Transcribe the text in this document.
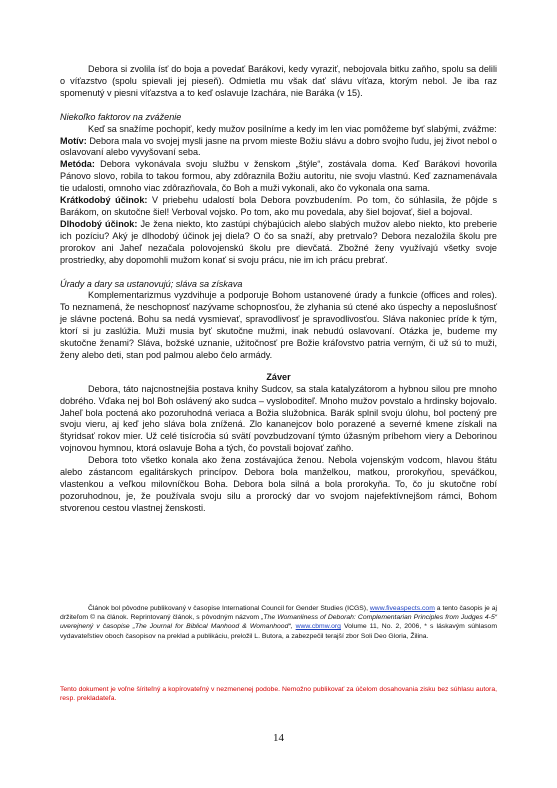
Debora si zvolila ísť do boja a povedať Barákovi, kedy vyraziť, nebojovala bitku zaňho, spolu sa delili o víťazstvo (spolu spievali jej pieseň). Odmietla mu však dať slávu víťaza, ktorým nebol. Je iba raz spomenutý v piesni víťazstva a to keď oslavuje Izachára, nie Baráka (v 15).

Niekoľko faktorov na zváženie

Keď sa snažíme pochopiť, kedy mužov posilníme a kedy im len viac pomôžeme byť slabými, zvážme:

Motív: Debora mala vo svojej mysli jasne na prvom mieste Božiu slávu a dobro svojho ľudu, jej život nebol o oslavovaní alebo vyvyšovaní seba.

Metóda: Debora vykonávala svoju službu v ženskom „štýle“, zostávala doma. Keď Barákovi hovorila Pánovo slovo, robila to takou formou, aby zdôraznila Božiu autoritu, nie svoju vlastnú. Keď zaznamenávala tie udalosti, omnoho viac zdôrazňovala, čo Boh a muži vykonali, ako čo vykonala ona sama.

Krátkodobý účinok: V priebehu udalostí bola Debora povzbudením. Po tom, čo súhlasila, že pôjde s Barákom, on skutočne šiel! Verboval vojsko. Po tom, ako mu povedala, aby šiel bojovať, šiel a bojoval.

Dlhodobý účinok: Je ženа niekto, kto zastúpi chýbajúcich alebo slabých mužov alebo niekto, kto preberie ich pozíciu? Aký je dlhodobý účinok jej diela? O čo sa snaží, aby pretrvalo? Debora nezaložila školu pre prorokov ani Jaheľ nezačala polovojenskú školu pre dievčatá. Zbožné ženy využívajú všetky svoje prostriedky, aby dopomohli mužom konať si svoju prácu, nie im ich prácu prebrať.

Úrady a dary sa ustanovujú; sláva sa získava

Komplementarizmus vyzdvihuje a podporuje Bohom ustanovené úrady a funkcie (offices and roles). To neznamená, že neschopnosť nazývame schopnosťou, že zlyhania sú ctené ako úspechy a neposlušnosť je slávne poctená. Bohu sa nedá vysmievať, spravodlivosť je spravodlivosťou. Sláva nakoniec príde k tým, ktorí si ju zaslúžia. Muži musia byť skutočne mužmi, inak nebudú oslavovaní. Otázka je, budeme my skutočne ženami? Sláva, božské uznanie, užitočnosť pre Božie kráľovstvo patria verným, či už sú to muži, ženy alebo deti, stan pod palmou alebo čelo armády.

Záver

Debora, táto najcnostnejšia postava knihy Sudcov, sa stala katalyzátorom a hybnou silou pre mnoho dobrého. Vďaka nej bol Boh oslávený ako sudca – vysloboditeľ. Mnoho mužov povstalo a hrdinsky bojovalo. Jaheľ bola poctená ako pozoruhodná veriaca a Božia služobnica. Barák splnil svoju úlohu, bol poctený pre svoju vieru, aj keď jeho sláva bola znížená. Zlo kananejcov bolo porazené a severné kmene získali na štyridsať rokov mier. Už celé tisícročia sú svätí povzbudzovaní týmto úžasným príbehom viery a Deborinou vojnovou hymnou, ktorá oslavuje Boha a tých, čo povstali bojovať zaňho.

Debora toto všetko konala ako žena zostávajúca ženou. Nebola vojenským vodcom, hlavou štátu alebo zástancom egalitárskych princípov. Debora bola manželkou, matkou, prorokyňou, speváčkou, vlastenkou a veľkou milovníčkou Boha. Debora bola silná a bola prorokyňa. To, čo ju skutočne robí pozoruhodnou, je, že používala svoju silu a prorocký dar vo svojom najefektívnejšom rámci, Bohom stvorenou cestou vlastnej ženskosti.

Článok bol pôvodne publikovaný v časopise International Council for Gender Studies (ICGS), www.fiveaspects.com a tento časopis je aj držiteľom © na článok. Reprintovaný článok, s pôvodným názvom „The Womanliness of Deborah: Complementarian Principles from Judges 4-5“ uverejnený v časopise „The Journal for Biblical Manhood & Womanhood“, www.cbmw.org Volume 11, No. 2, 2006, * s láskavým súhlasom vydavateľstiev oboch časopisov na preklad a publikáciu, preložil L. Butora, a zabezpečil terajší zbor Soli Deo Gloria, Žilina.
Tento dokument je voľne šíriteľný a kopírovateľný v nezmenenej podobe. Nemožno publikovať za účelom dosahovania zisku bez súhlasu autora, resp. prekladateľa.
14
